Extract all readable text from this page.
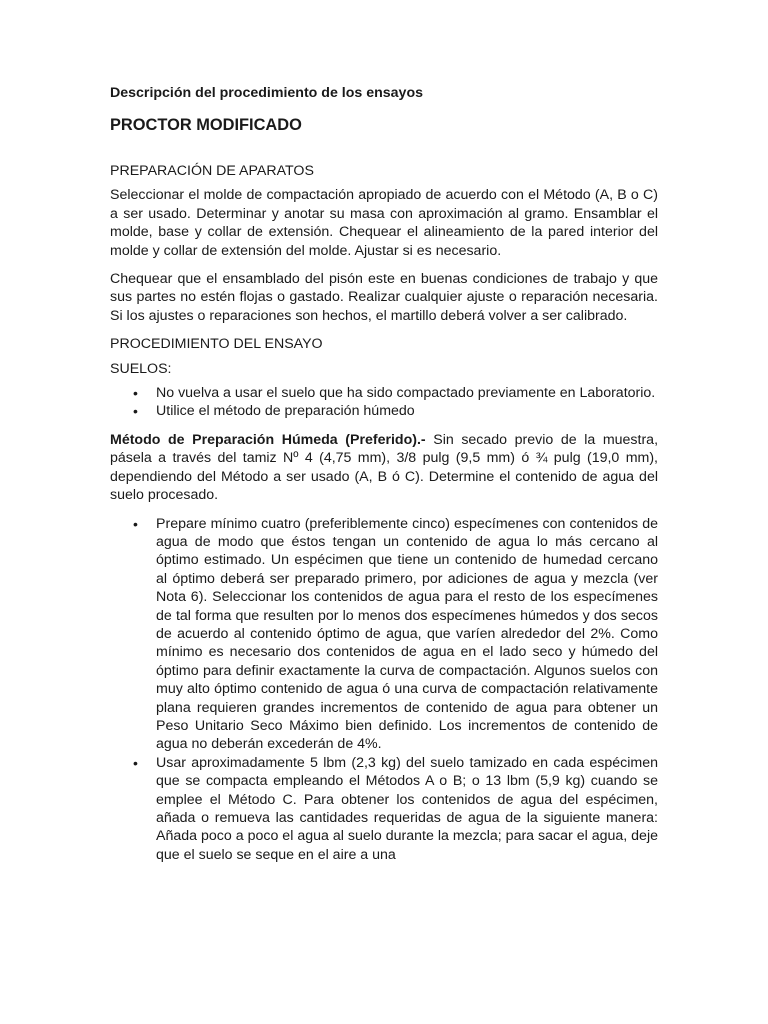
Descripción del procedimiento de los ensayos
PROCTOR MODIFICADO
PREPARACIÓN DE APARATOS

Seleccionar el molde de compactación apropiado de acuerdo con el Método (A, B o C) a ser usado. Determinar y anotar su masa con aproximación al gramo. Ensamblar el molde, base y collar de extensión. Chequear el alineamiento de la pared interior del molde y collar de extensión del molde. Ajustar si es necesario.

Chequear que el ensamblado del pisón este en buenas condiciones de trabajo y que sus partes no estén flojas o gastado. Realizar cualquier ajuste o reparación necesaria. Si los ajustes o reparaciones son hechos, el martillo deberá volver a ser calibrado.

PROCEDIMIENTO DEL ENSAYO
SUELOS:
• No vuelva a usar el suelo que ha sido compactado previamente en Laboratorio.
• Utilice el método de preparación húmedo

Método de Preparación Húmeda (Preferido).- Sin secado previo de la muestra, pásela a través del tamiz Nº 4 (4,75 mm), 3/8 pulg (9,5 mm) ó ¾ pulg (19,0 mm), dependiendo del Método a ser usado (A, B ó C). Determine el contenido de agua del suelo procesado.

• Prepare mínimo cuatro (preferiblemente cinco) especímenes con contenidos de agua de modo que éstos tengan un contenido de agua lo más cercano al óptimo estimado. Un espécimen que tiene un contenido de humedad cercano al óptimo deberá ser preparado primero, por adiciones de agua y mezcla (ver Nota 6). Seleccionar los contenidos de agua para el resto de los especímenes de tal forma que resulten por lo menos dos especímenes húmedos y dos secos de acuerdo al contenido óptimo de agua, que varíen alrededor del 2%. Como mínimo es necesario dos contenidos de agua en el lado seco y húmedo del óptimo para definir exactamente la curva de compactación. Algunos suelos con muy alto óptimo contenido de agua ó una curva de compactación relativamente plana requieren grandes incrementos de contenido de agua para obtener un Peso Unitario Seco Máximo bien definido. Los incrementos de contenido de agua no deberán excederán de 4%.
• Usar aproximadamente 5 lbm (2,3 kg) del suelo tamizado en cada espécimen que se compacta empleando el Métodos A o B; o 13 lbm (5,9 kg) cuando se emplee el Método C. Para obtener los contenidos de agua del espécimen, añada o remueva las cantidades requeridas de agua de la siguiente manera: Añada poco a poco el agua al suelo durante la mezcla; para sacar el agua, deje que el suelo se seque en el aire a una
